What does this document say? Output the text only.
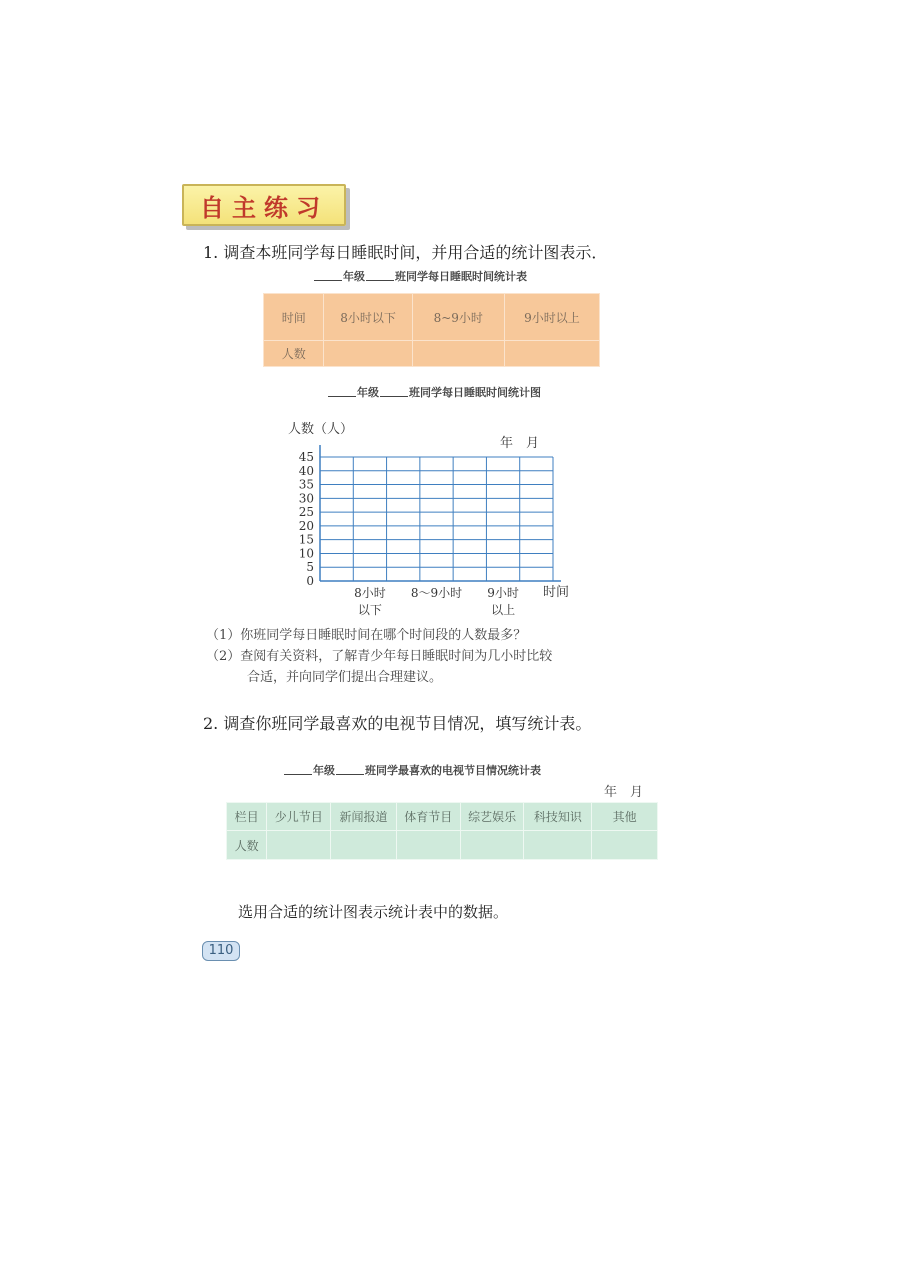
自主练习
1. 调查本班同学每日睡眠时间，并用合适的统计图表示．
年级	班同学每日睡眠时间统计表
时间	8小时以下	8~9小时	9小时以上
人数			
年级	班同学每日睡眠时间统计图
人数（人）
年　月
0
5
10
15
20
25
30
35
40
45
8小时
以下
8～9小时 9小时
以上
时间
（1）你班同学每日睡眠时间在哪个时间段的人数最多？
（2）查阅有关资料，了解青少年每日睡眠时间为几小时比较
合适，并向同学们提出合理建议。
2. 调查你班同学最喜欢的电视节目情况，填写统计表。
年级	班同学最喜欢的电视节目情况统计表
年　月
栏目	少儿节目	新闻报道	体育节目	综艺娱乐	科技知识	其他
人数						
选用合适的统计图表示统计表中的数据。
110
